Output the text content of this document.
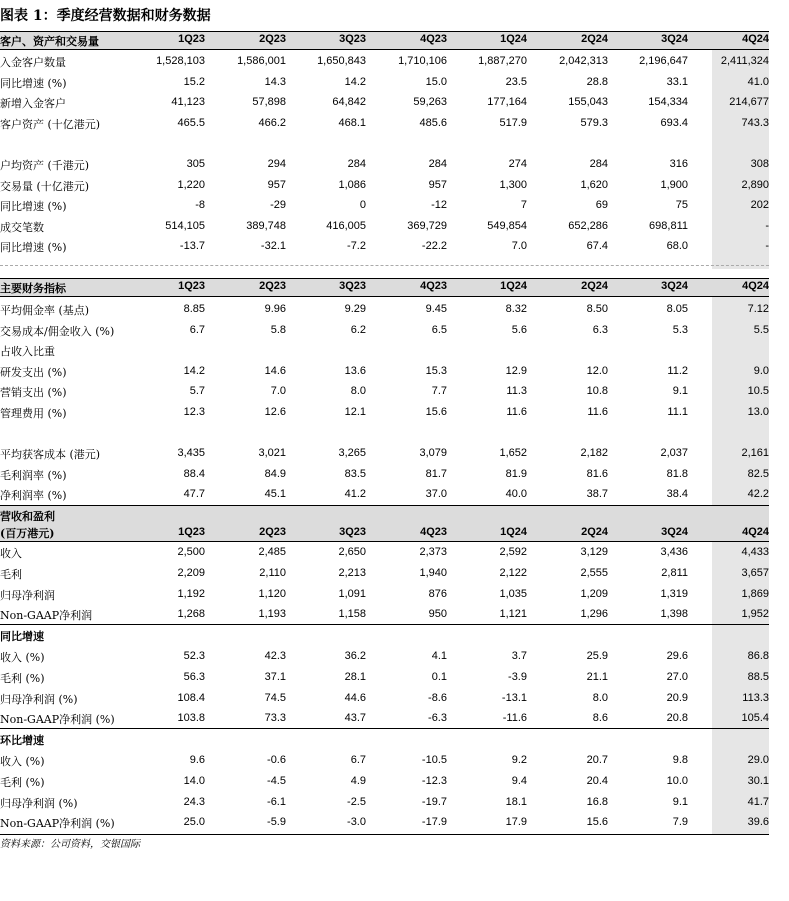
图表 1：季度经营数据和财务数据
客户、资产和交易量	1Q23	2Q23	3Q23	4Q23	1Q24	2Q24	3Q24	4Q24
入金客户数量	1,528,103	1,586,001	1,650,843	1,710,106	1,887,270	2,042,313	2,196,647	2,411,324
同比增速 (%)	15.2	14.3	14.2	15.0	23.5	28.8	33.1	41.0
新增入金客户	41,123	57,898	64,842	59,263	177,164	155,043	154,334	214,677
客户资产 (十亿港元)	465.5	466.2	468.1	485.6	517.9	579.3	693.4	743.3
户均资产 (千港元)	305	294	284	284	274	284	316	308
交易量 (十亿港元)	1,220	957	1,086	957	1,300	1,620	1,900	2,890
同比增速 (%)	-8	-29	0	-12	7	69	75	202
成交笔数	514,105	389,748	416,005	369,729	549,854	652,286	698,811	-
同比增速 (%)	-13.7	-32.1	-7.2	-22.2	7.0	67.4	68.0	-
主要财务指标	1Q23	2Q23	3Q23	4Q23	1Q24	2Q24	3Q24	4Q24
平均佣金率 (基点)	8.85	9.96	9.29	9.45	8.32	8.50	8.05	7.12
交易成本/佣金收入 (%)	6.7	5.8	6.2	6.5	5.6	6.3	5.3	5.5
占收入比重
研发支出 (%)	14.2	14.6	13.6	15.3	12.9	12.0	11.2	9.0
营销支出 (%)	5.7	7.0	8.0	7.7	11.3	10.8	9.1	10.5
管理费用 (%)	12.3	12.6	12.1	15.6	11.6	11.6	11.1	13.0
平均获客成本 (港元)	3,435	3,021	3,265	3,079	1,652	2,182	2,037	2,161
毛利润率 (%)	88.4	84.9	83.5	81.7	81.9	81.6	81.8	82.5
净利润率 (%)	47.7	45.1	41.2	37.0	40.0	38.7	38.4	42.2
营收和盈利
(百万港元)	1Q23	2Q23	3Q23	4Q23	1Q24	2Q24	3Q24	4Q24
收入	2,500	2,485	2,650	2,373	2,592	3,129	3,436	4,433
毛利	2,209	2,110	2,213	1,940	2,122	2,555	2,811	3,657
归母净利润	1,192	1,120	1,091	876	1,035	1,209	1,319	1,869
Non-GAAP净利润	1,268	1,193	1,158	950	1,121	1,296	1,398	1,952
同比增速
收入 (%)	52.3	42.3	36.2	4.1	3.7	25.9	29.6	86.8
毛利 (%)	56.3	37.1	28.1	0.1	-3.9	21.1	27.0	88.5
归母净利润 (%)	108.4	74.5	44.6	-8.6	-13.1	8.0	20.9	113.3
Non-GAAP净利润 (%)	103.8	73.3	43.7	-6.3	-11.6	8.6	20.8	105.4
环比增速
收入 (%)	9.6	-0.6	6.7	-10.5	9.2	20.7	9.8	29.0
毛利 (%)	14.0	-4.5	4.9	-12.3	9.4	20.4	10.0	30.1
归母净利润 (%)	24.3	-6.1	-2.5	-19.7	18.1	16.8	9.1	41.7
Non-GAAP净利润 (%)	25.0	-5.9	-3.0	-17.9	17.9	15.6	7.9	39.6
资料来源：公司资料，交银国际
